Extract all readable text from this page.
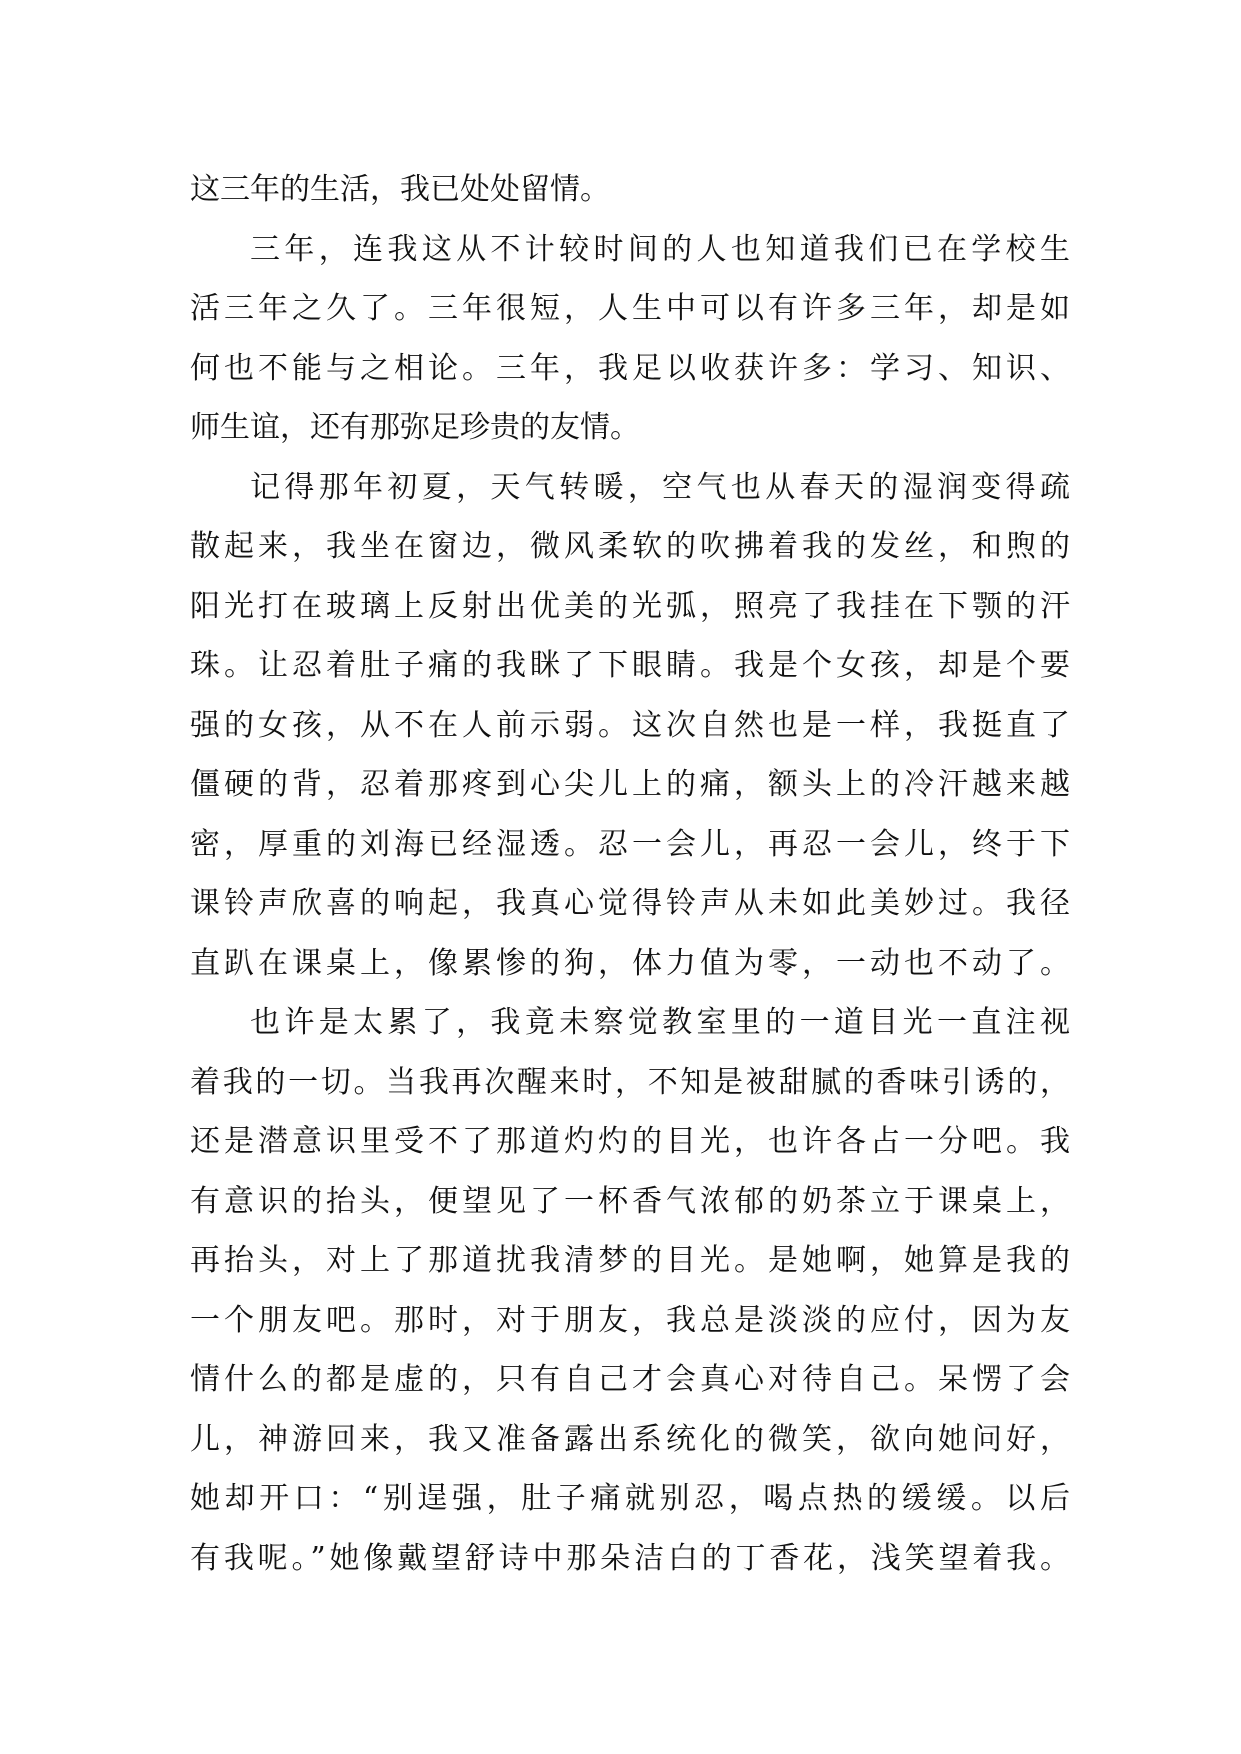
这三年的生活，我已处处留情。
三年，连我这从不计较时间的人也知道我们已在学校生
活三年之久了。三年很短，人生中可以有许多三年，却是如
何也不能与之相论。三年，我足以收获许多：学习、知识、
师生谊，还有那弥足珍贵的友情。
记得那年初夏，天气转暖，空气也从春天的湿润变得疏
散起来，我坐在窗边，微风柔软的吹拂着我的发丝，和煦的
阳光打在玻璃上反射出优美的光弧，照亮了我挂在下颚的汗
珠。让忍着肚子痛的我眯了下眼睛。我是个女孩，却是个要
强的女孩，从不在人前示弱。这次自然也是一样，我挺直了
僵硬的背，忍着那疼到心尖儿上的痛，额头上的冷汗越来越
密，厚重的刘海已经湿透。忍一会儿，再忍一会儿，终于下
课铃声欣喜的响起，我真心觉得铃声从未如此美妙过。我径
直趴在课桌上，像累惨的狗，体力值为零，一动也不动了。
也许是太累了，我竟未察觉教室里的一道目光一直注视
着我的一切。当我再次醒来时，不知是被甜腻的香味引诱的，
还是潜意识里受不了那道灼灼的目光，也许各占一分吧。我
有意识的抬头，便望见了一杯香气浓郁的奶茶立于课桌上，
再抬头，对上了那道扰我清梦的目光。是她啊，她算是我的
一个朋友吧。那时，对于朋友，我总是淡淡的应付，因为友
情什么的都是虚的，只有自己才会真心对待自己。呆愣了会
儿，神游回来，我又准备露出系统化的微笑，欲向她问好，
她却开口：“别逞强，肚子痛就别忍，喝点热的缓缓。以后
有我呢。”她像戴望舒诗中那朵洁白的丁香花，浅笑望着我。
